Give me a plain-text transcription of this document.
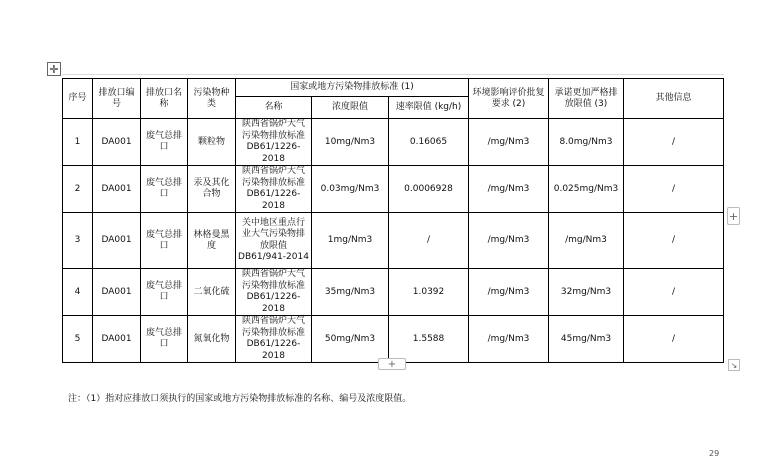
✛
序号	排放口编号	排放口名称	污染物种类	国家或地方污染物排放标准 (1)			环境影响评价批复要求 (2)	承诺更加严格排放限值 (3)	其他信息
				名称	浓度限值	速率限值 (kg/h)			
1	DA001	废气总排口	颗粒物	陕西省锅炉大气污染物排放标准 DB61/1226-2018	10mg/Nm3	0.16065	/mg/Nm3	8.0mg/Nm3	/
2	DA001	废气总排口	汞及其化合物	陕西省锅炉大气污染物排放标准 DB61/1226-2018	0.03mg/Nm3	0.0006928	/mg/Nm3	0.025mg/Nm3	/
3	DA001	废气总排口	林格曼黑度	关中地区重点行业大气污染物排放限值 DB61/941-2014	1mg/Nm3	/	/mg/Nm3	/mg/Nm3	/
4	DA001	废气总排口	二氧化硫	陕西省锅炉大气污染物排放标准 DB61/1226-2018	35mg/Nm3	1.0392	/mg/Nm3	32mg/Nm3	/
5	DA001	废气总排口	氮氧化物	陕西省锅炉大气污染物排放标准 DB61/1226-2018	50mg/Nm3	1.5588	/mg/Nm3	45mg/Nm3	/
+
+	↘
注：（1）指对应排放口须执行的国家或地方污染物排放标准的名称、编号及浓度限值。
29
